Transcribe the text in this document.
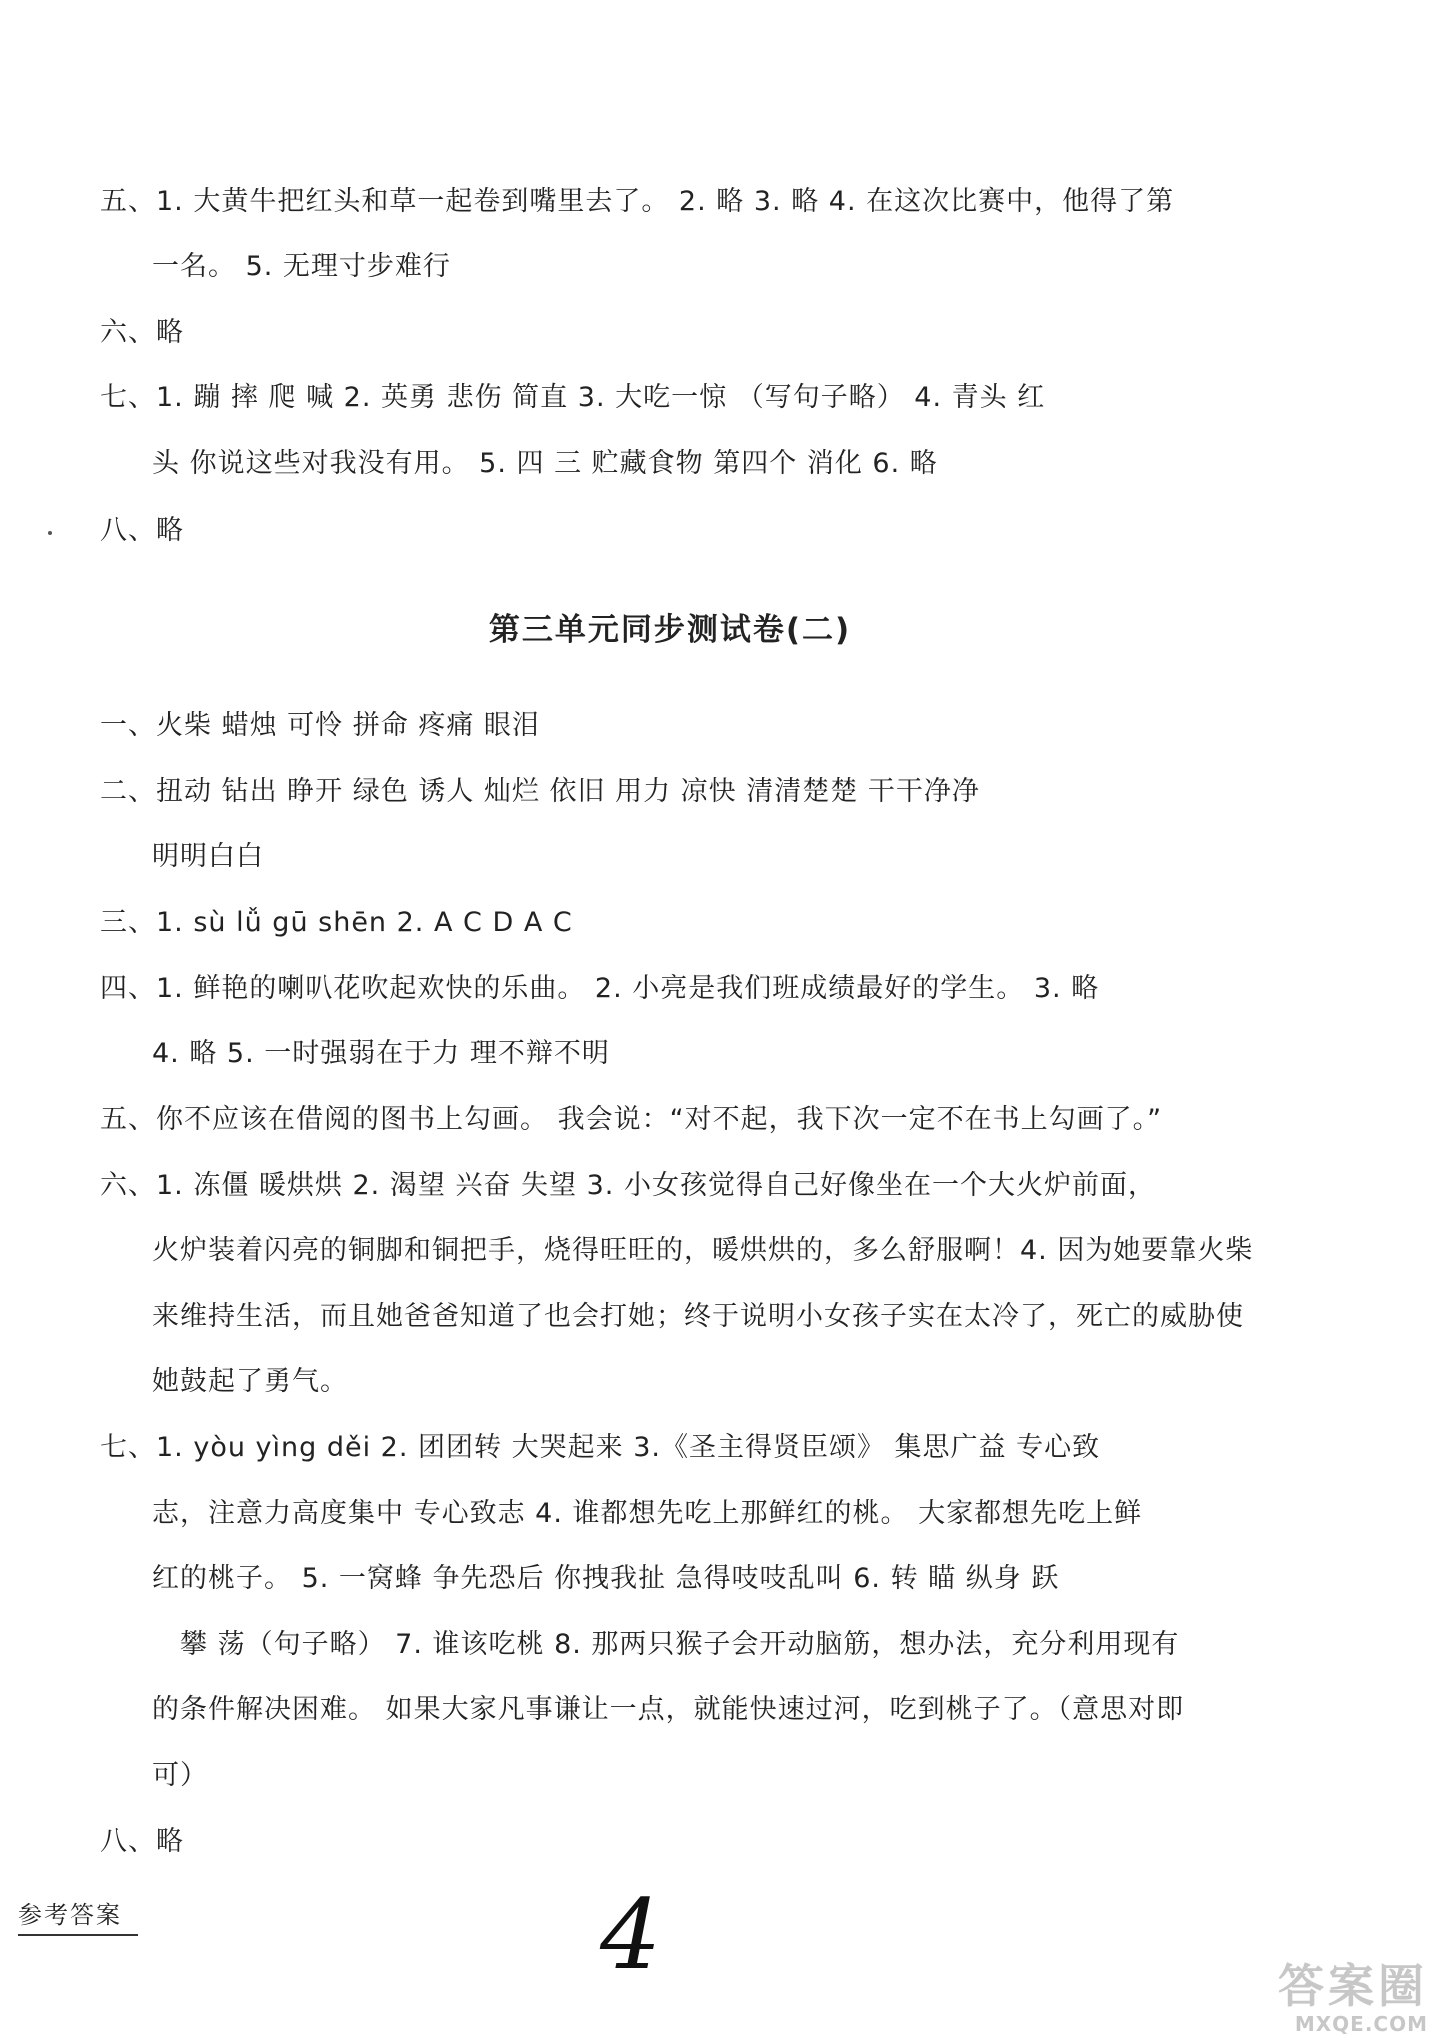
五、1. 大黄牛把红头和草一起卷到嘴里去了。 2. 略 3. 略 4. 在这次比赛中，他得了第
一名。 5. 无理寸步难行
六、略
七、1. 蹦 摔 爬 喊 2. 英勇 悲伤 简直 3. 大吃一惊 （写句子略） 4. 青头 红
头 你说这些对我没有用。 5. 四 三 贮藏食物 第四个 消化 6. 略
八、略
第三单元同步测试卷(二)
一、火柴 蜡烛 可怜 拼命 疼痛 眼泪
二、扭动 钻出 睁开 绿色 诱人 灿烂 依旧 用力 凉快 清清楚楚 干干净净
明明白白
三、1. sù lǚ gū shēn 2. A C D A C
四、1. 鲜艳的喇叭花吹起欢快的乐曲。 2. 小亮是我们班成绩最好的学生。 3. 略
4. 略 5. 一时强弱在于力 理不辩不明
五、你不应该在借阅的图书上勾画。 我会说：“对不起，我下次一定不在书上勾画了。”
六、1. 冻僵 暖烘烘 2. 渴望 兴奋 失望 3. 小女孩觉得自己好像坐在一个大火炉前面，
火炉装着闪亮的铜脚和铜把手，烧得旺旺的，暖烘烘的，多么舒服啊！4. 因为她要靠火柴
来维持生活，而且她爸爸知道了也会打她；终于说明小女孩子实在太冷了，死亡的威胁使
她鼓起了勇气。
七、1. yòu yìng děi 2. 团团转 大哭起来 3.《圣主得贤臣颂》 集思广益 专心致
志，注意力高度集中 专心致志 4. 谁都想先吃上那鲜红的桃。 大家都想先吃上鲜
红的桃子。 5. 一窝蜂 争先恐后 你拽我扯 急得吱吱乱叫 6. 转 瞄 纵身 跃
攀 荡（句子略） 7. 谁该吃桃 8. 那两只猴子会开动脑筋，想办法，充分利用现有
的条件解决困难。 如果大家凡事谦让一点，就能快速过河，吃到桃子了。（意思对即
可）
八、略
参考答案	4	答案圈
MXQE.COM
